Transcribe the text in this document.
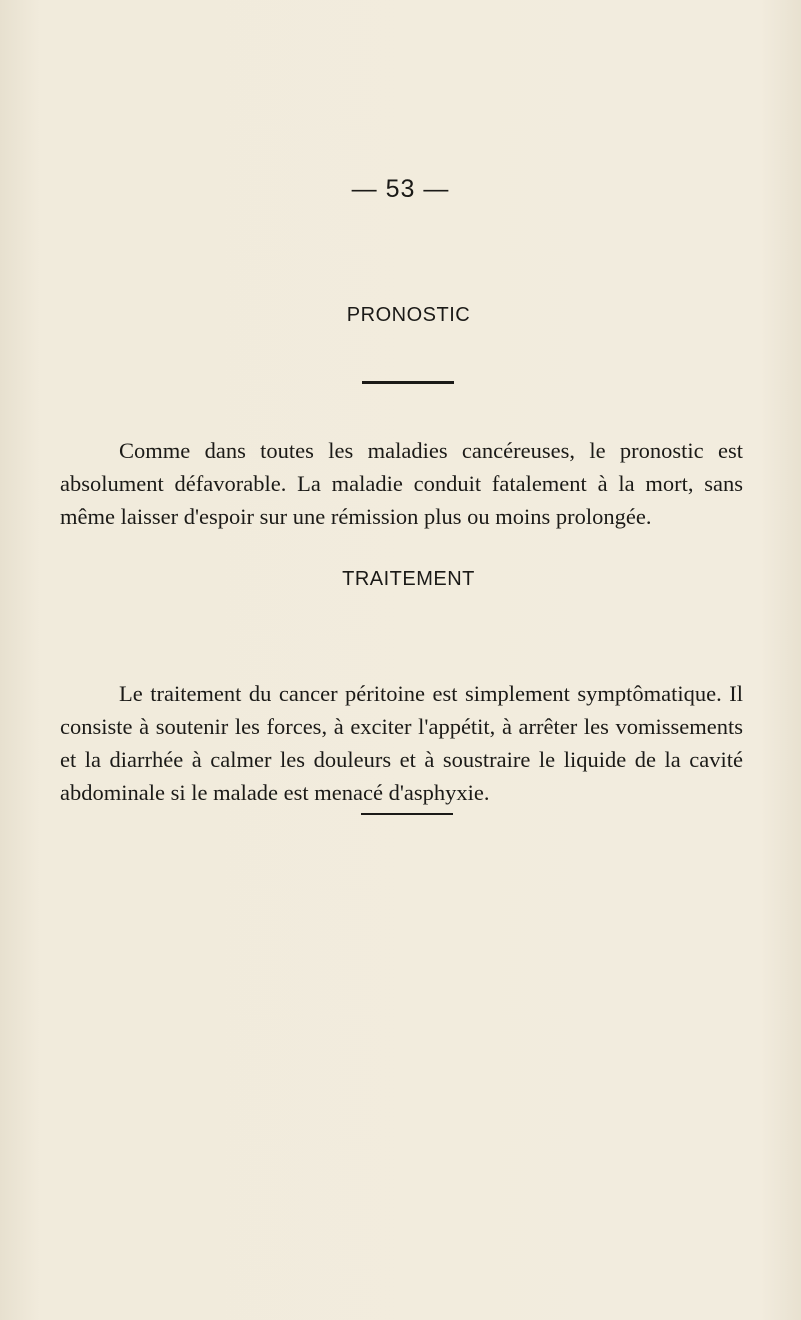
— 53 —
PRONOSTIC

Comme dans toutes les maladies cancéreuses, le pronostic est absolument défavorable. La maladie conduit fatalement à la mort, sans même laisser d'espoir sur une rémission plus ou moins prolongée.

TRAITEMENT

Le traitement du cancer péritoine est simplement symptômatique. Il consiste à soutenir les forces, à exciter l'appétit, à arrêter les vomissements et la diarrhée à calmer les douleurs et à soustraire le liquide de la cavité abdominale si le malade est menacé d'asphyxie.
